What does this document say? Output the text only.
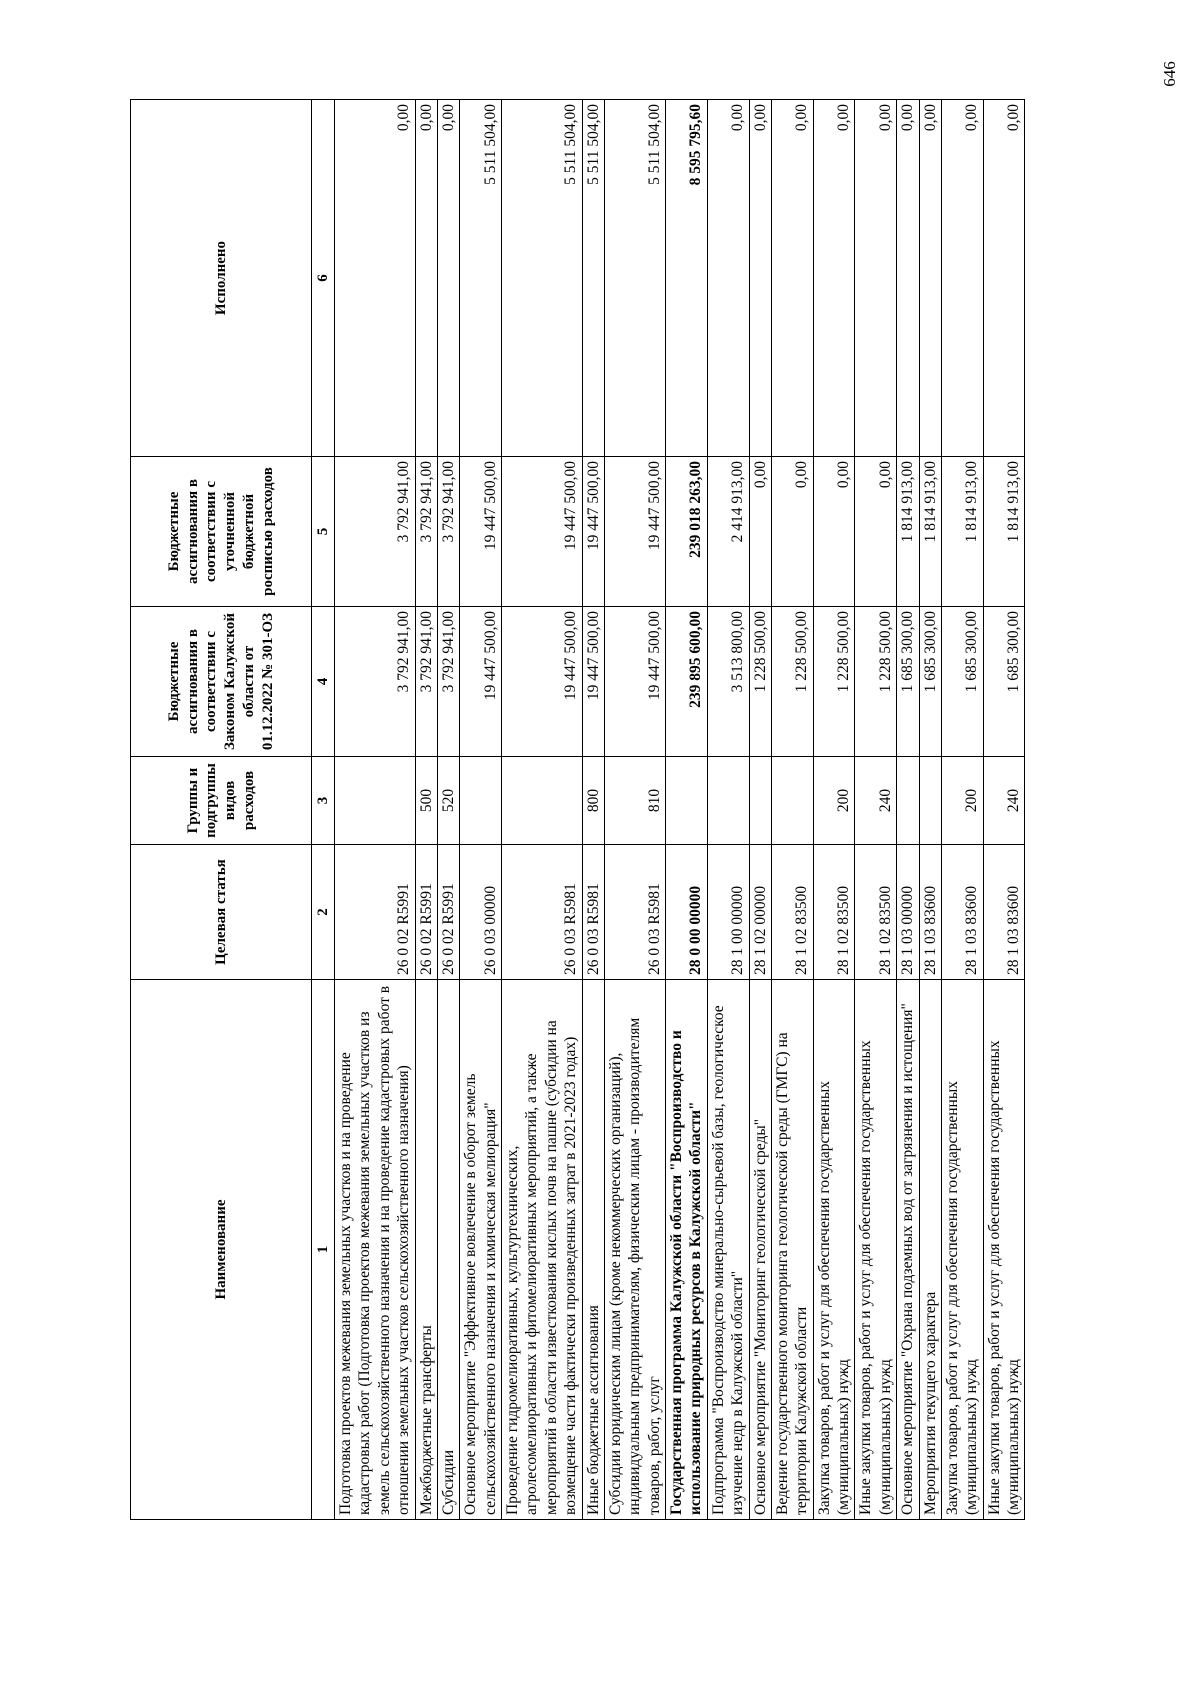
646
Наименование	Целевая статья	Группы и подгруппы видов расходов	Бюджетные ассигнования в соответствии с Законом Калужской области от 01.12.2022 № 301-ОЗ	Бюджетные ассигнования в соответствии с уточненной бюджетной росписью расходов	Исполнено
1	2	3	4	5	6
Подготовка проектов межевания земельных участков и на проведение кадастровых работ (Подготовка проектов межевания земельных участков из земель сельскохозяйственного назначения и на проведение кадастровых работ в отношении земельных участков сельскохозяйственного назначения)	26 0 02 R5991		3 792 941,00	3 792 941,00	0,00
Межбюджетные трансферты	26 0 02 R5991	500	3 792 941,00	3 792 941,00	0,00
Субсидии	26 0 02 R5991	520	3 792 941,00	3 792 941,00	0,00
Основное мероприятие "Эффективное вовлечение в оборот земель сельскохозяйственного назначения и химическая мелиорация"	26 0 03 00000		19 447 500,00	19 447 500,00	5 511 504,00
Проведение гидромелиоративных, культуртехнических, агролесомелиоративных и фитомелиоративных мероприятий, а также мероприятий в области известкования кислых почв на пашне (субсидии на возмещение части фактически произведенных затрат в 2021-2023 годах)	26 0 03 R5981		19 447 500,00	19 447 500,00	5 511 504,00
Иные бюджетные ассигнования	26 0 03 R5981	800	19 447 500,00	19 447 500,00	5 511 504,00
Субсидии юридическим лицам (кроме некоммерческих организаций), индивидуальным предпринимателям, физическим лицам - производителям товаров, работ, услуг	26 0 03 R5981	810	19 447 500,00	19 447 500,00	5 511 504,00
Государственная программа Калужской области "Воспроизводство и использование природных ресурсов в Калужской области"	28 0 00 00000		239 895 600,00	239 018 263,00	8 595 795,60
Подпрограмма "Воспроизводство минерально-сырьевой базы, геологическое изучение недр в Калужской области"	28 1 00 00000		3 513 800,00	2 414 913,00	0,00
Основное мероприятие "Мониторинг геологической среды"	28 1 02 00000		1 228 500,00	0,00	0,00
Ведение государственного мониторинга геологической среды (ГМГС) на территории Калужской области	28 1 02 83500		1 228 500,00	0,00	0,00
Закупка товаров, работ и услуг для обеспечения государственных (муниципальных) нужд	28 1 02 83500	200	1 228 500,00	0,00	0,00
Иные закупки товаров, работ и услуг для обеспечения государственных (муниципальных) нужд	28 1 02 83500	240	1 228 500,00	0,00	0,00
Основное мероприятие "Охрана подземных вод от загрязнения и истощения"	28 1 03 00000		1 685 300,00	1 814 913,00	0,00
Мероприятия текущего характера	28 1 03 83600		1 685 300,00	1 814 913,00	0,00
Закупка товаров, работ и услуг для обеспечения государственных (муниципальных) нужд	28 1 03 83600	200	1 685 300,00	1 814 913,00	0,00
Иные закупки товаров, работ и услуг для обеспечения государственных (муниципальных) нужд	28 1 03 83600	240	1 685 300,00	1 814 913,00	0,00
